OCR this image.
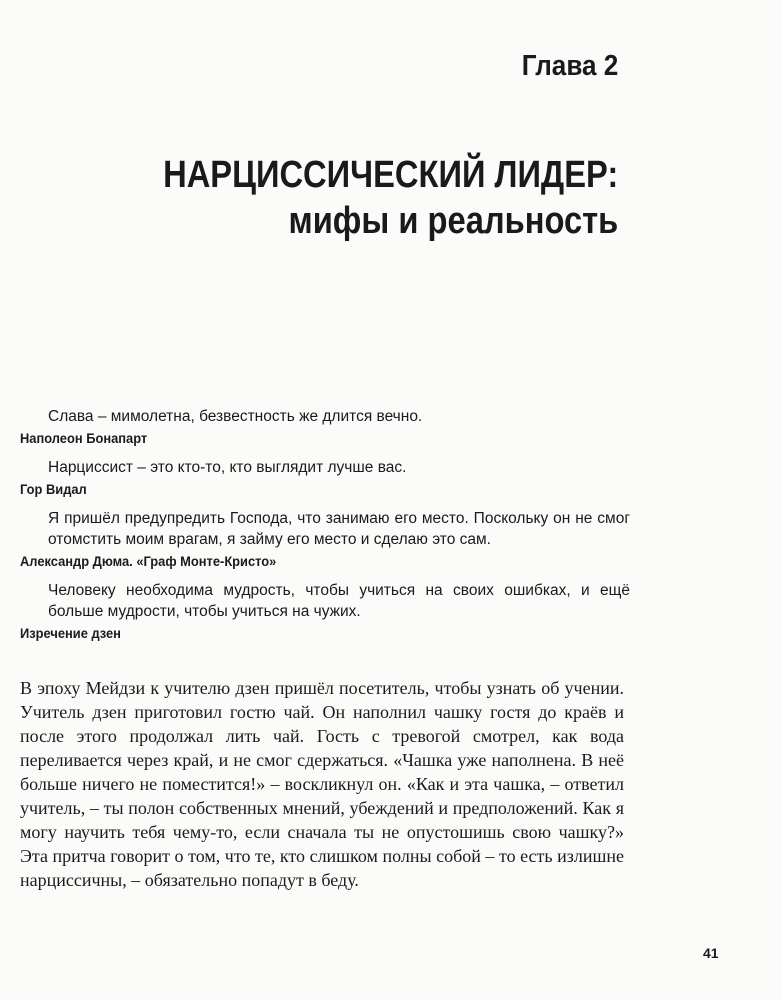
Глава 2
НАРЦИССИЧЕСКИЙ ЛИДЕР:
мифы и реальность
Слава – мимолетна, безвестность же длится вечно.
Наполеон Бонапарт
Нарциссист – это кто-то, кто выглядит лучше вас.
Гор Видал
Я пришёл предупредить Господа, что занимаю его место. Поскольку он не смог отомстить моим врагам, я займу его место и сделаю это сам.
Александр Дюма. «Граф Монте-Кристо»
Человеку необходима мудрость, чтобы учиться на своих ошибках, и ещё больше мудрости, чтобы учиться на чужих.
Изречение дзен

В эпоху Мейдзи к учителю дзен пришёл посетитель, чтобы узнать об учении. Учитель дзен приготовил гостю чай. Он наполнил чашку гостя до краёв и после этого продолжал лить чай. Гость с тревогой смотрел, как вода переливается через край, и не смог сдержаться. «Чашка уже наполнена. В неё больше ничего не поместится!» – воскликнул он. «Как и эта чашка, – ответил учитель, – ты полон собственных мнений, убеждений и предположений. Как я могу научить тебя чему-то, если сначала ты не опустошишь свою чашку?» Эта притча говорит о том, что те, кто слишком полны собой – то есть излишне нарциссичны, – обязательно попадут в беду.

41
